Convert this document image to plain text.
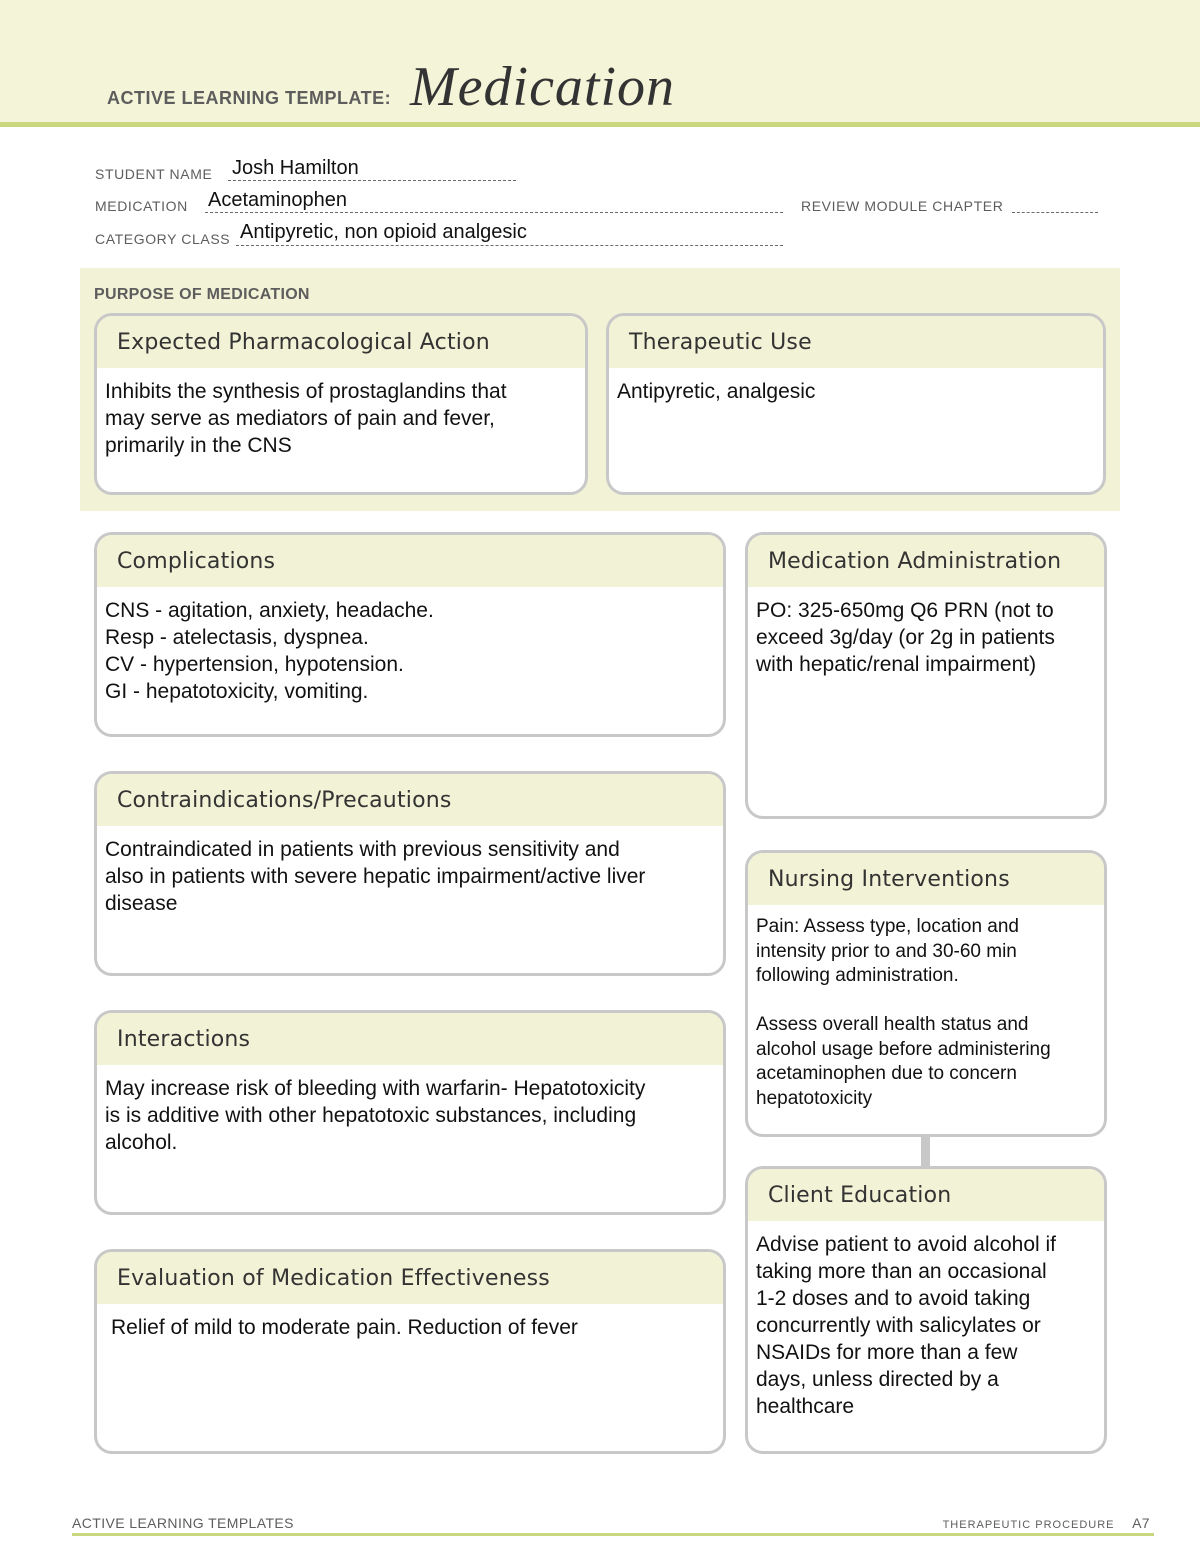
ACTIVE LEARNING TEMPLATE: Medication
STUDENT NAME Josh Hamilton
MEDICATION Acetaminophen	REVIEW MODULE CHAPTER
CATEGORY CLASS Antipyretic, non opioid analgesic
PURPOSE OF MEDICATION
Expected Pharmacological Action
Inhibits the synthesis of prostaglandins that
may serve as mediators of pain and fever,
primarily in the CNS
Therapeutic Use
Antipyretic, analgesic
Complications
CNS - agitation, anxiety, headache.
Resp - atelectasis, dyspnea.
CV - hypertension, hypotension.
GI - hepatotoxicity, vomiting.
Contraindications/Precautions
Contraindicated in patients with previous sensitivity and
also in patients with severe hepatic impairment/active liver
disease
Interactions
May increase risk of bleeding with warfarin- Hepatotoxicity
is is additive with other hepatotoxic substances, including
alcohol.
Evaluation of Medication Effectiveness
Relief of mild to moderate pain. Reduction of fever
Medication Administration
PO: 325-650mg Q6 PRN (not to
exceed 3g/day (or 2g in patients
with hepatic/renal impairment)
Nursing Interventions
Pain: Assess type, location and
intensity prior to and 30-60 min
following administration.

Assess overall health status and
alcohol usage before administering
acetaminophen due to concern
hepatotoxicity
Client Education
Advise patient to avoid alcohol if
taking more than an occasional
1-2 doses and to avoid taking
concurrently with salicylates or
NSAIDs for more than a few
days, unless directed by a
healthcare
ACTIVE LEARNING TEMPLATES	THERAPEUTIC PROCEDURE A7
